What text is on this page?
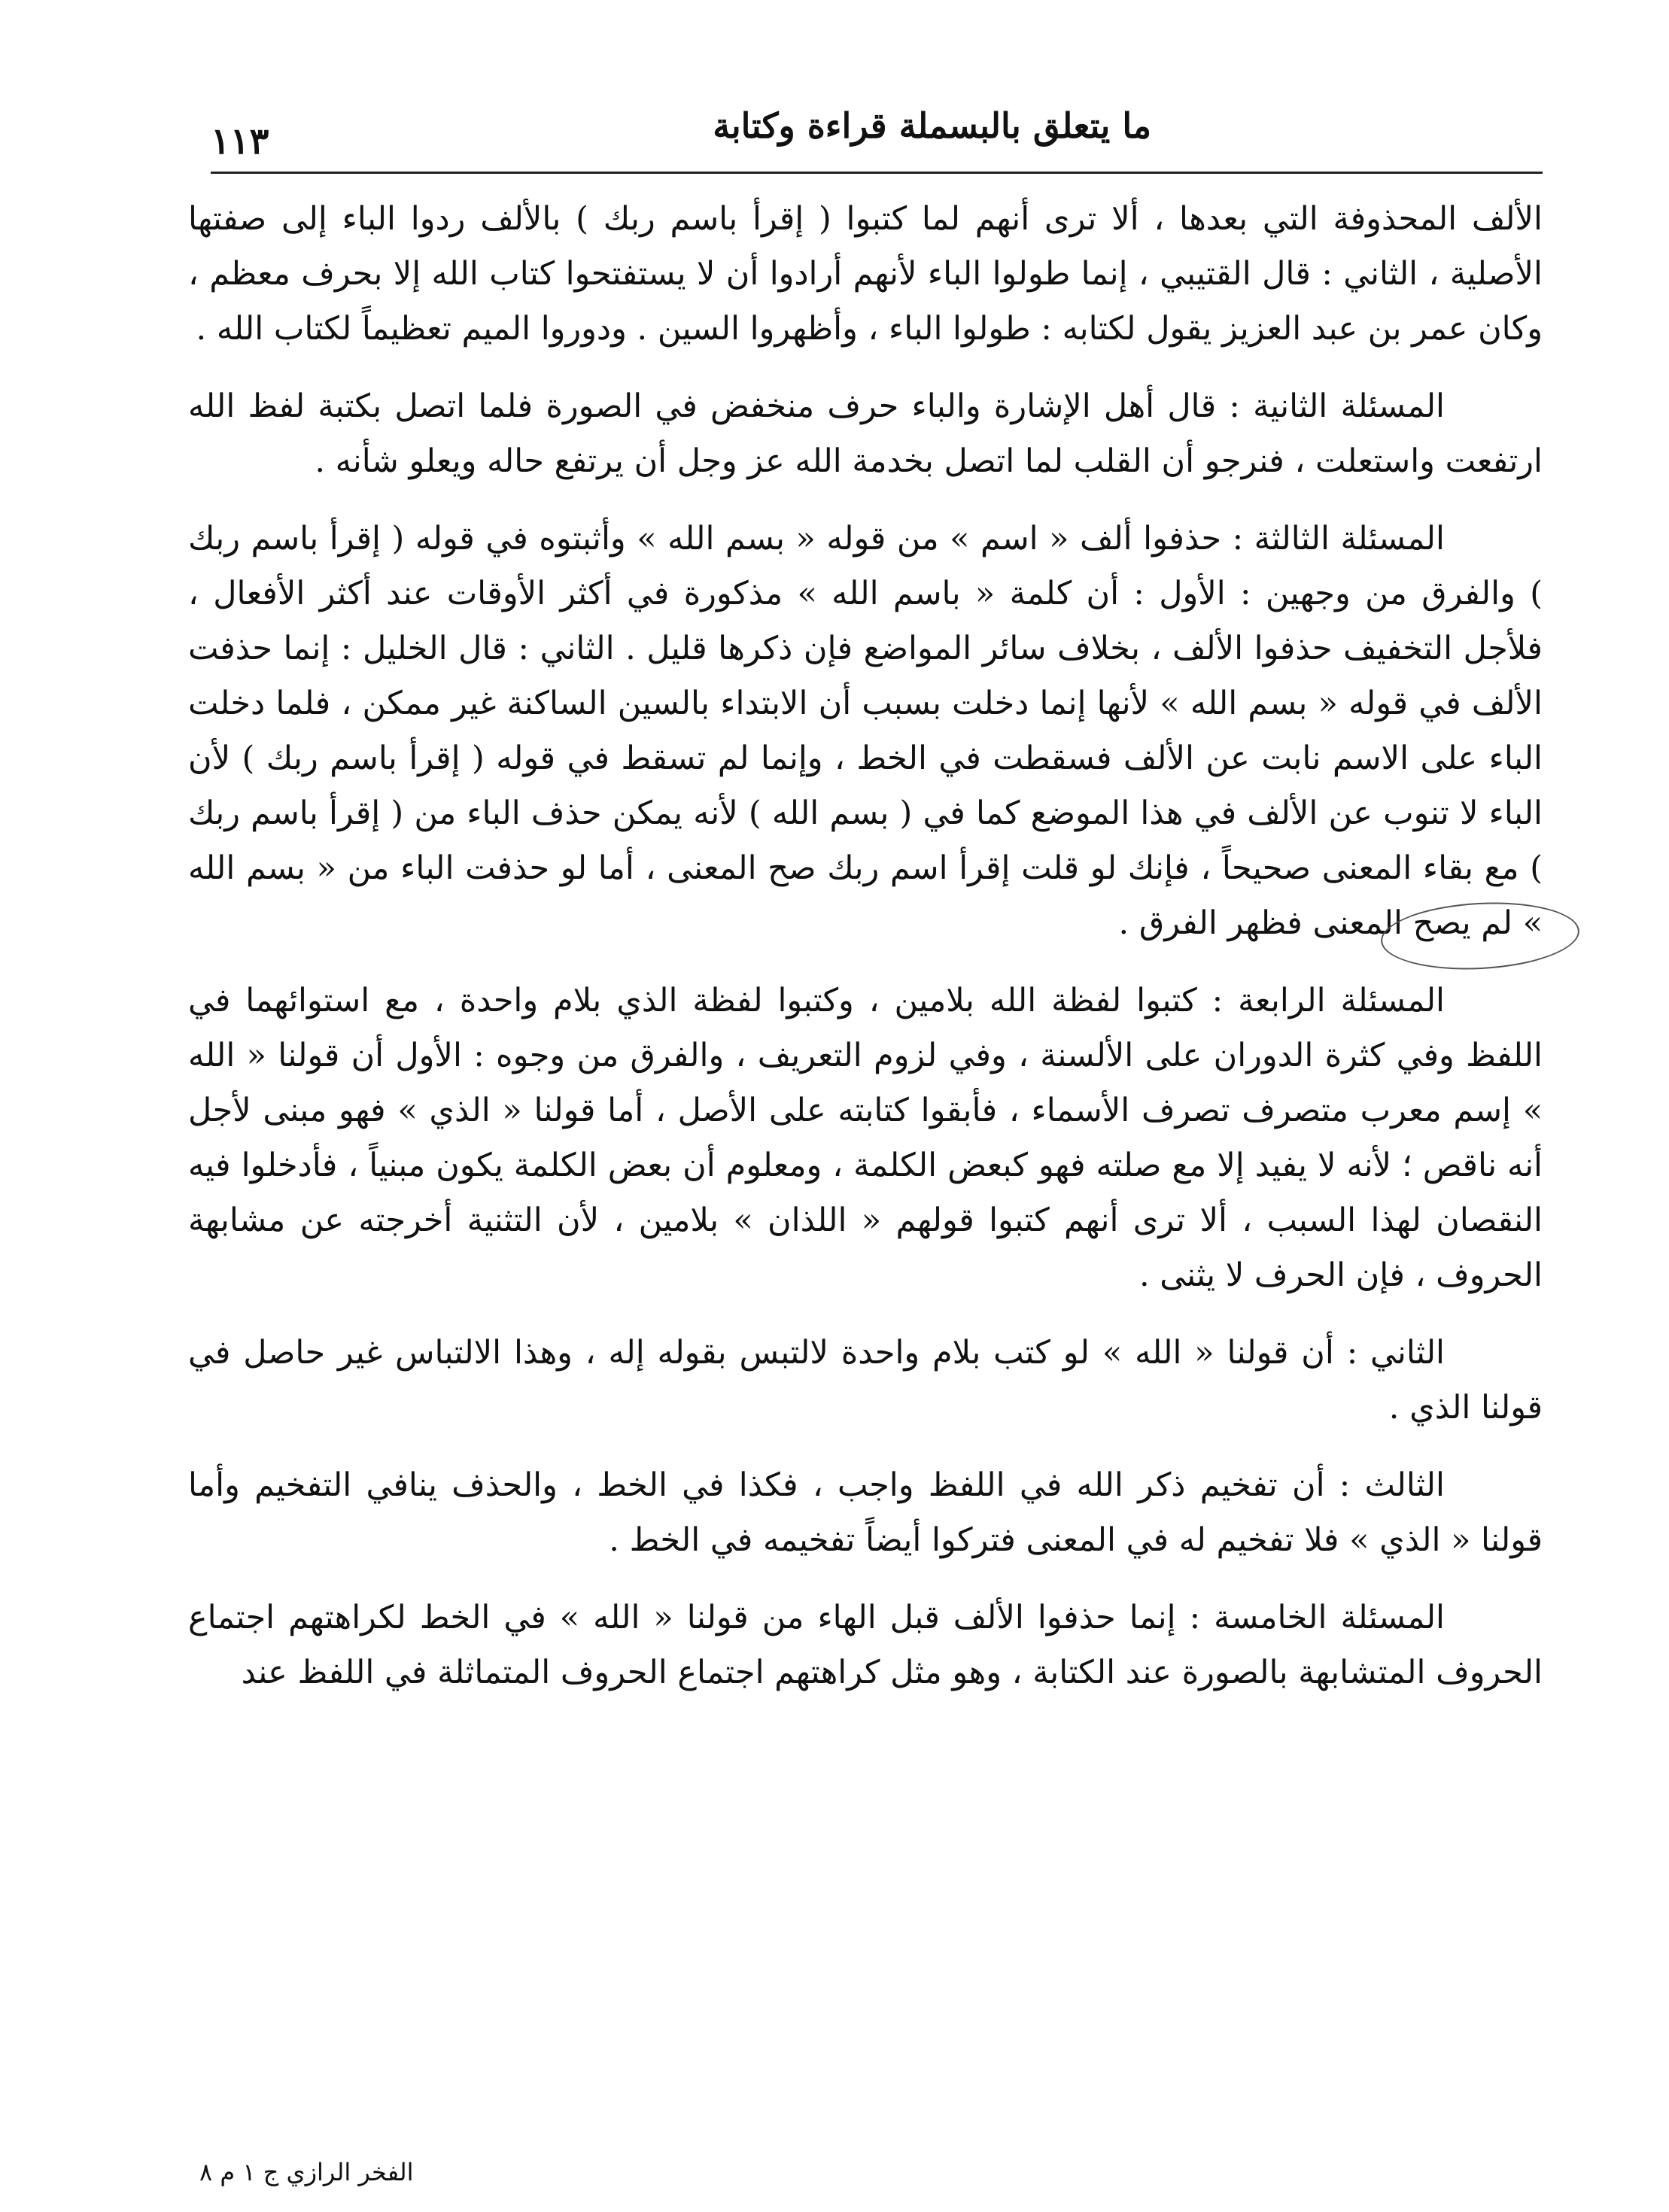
ما يتعلق بالبسملة قراءة وكتابة
١١٣

الألف المحذوفة التي بعدها ، ألا ترى أنهم لما كتبوا ( إقرأ باسم ربك ) بالألف ردوا الباء إلى صفتها الأصلية ، الثاني : قال القتيبي ، إنما طولوا الباء لأنهم أرادوا أن لا يستفتحوا كتاب الله إلا بحرف معظم ، وكان عمر بن عبد العزيز يقول لكتابه : طولوا الباء ، وأظهروا السين . ودوروا الميم تعظيماً لكتاب الله .

المسئلة الثانية : قال أهل الإشارة والباء حرف منخفض في الصورة فلما اتصل بكتبة لفظ الله ارتفعت واستعلت ، فنرجو أن القلب لما اتصل بخدمة الله عز وجل أن يرتفع حاله ويعلو شأنه .

المسئلة الثالثة : حذفوا ألف « اسم » من قوله « بسم الله » وأثبتوه في قوله ( إقرأ باسم ربك ) والفرق من وجهين : الأول : أن كلمة « باسم الله » مذكورة في أكثر الأوقات عند أكثر الأفعال ، فلأجل التخفيف حذفوا الألف ، بخلاف سائر المواضع فإن ذكرها قليل . الثاني : قال الخليل : إنما حذفت الألف في قوله « بسم الله » لأنها إنما دخلت بسبب أن الابتداء بالسين الساكنة غير ممكن ، فلما دخلت الباء على الاسم نابت عن الألف فسقطت في الخط ، وإنما لم تسقط في قوله ( إقرأ باسم ربك ) لأن الباء لا تنوب عن الألف في هذا الموضع كما في ( بسم الله ) لأنه يمكن حذف الباء من ( إقرأ باسم ربك ) مع بقاء المعنى صحيحاً ، فإنك لو قلت إقرأ اسم ربك صح المعنى ، أما لو حذفت الباء من « بسم الله » لم يصح المعنى فظهر الفرق .

المسئلة الرابعة : كتبوا لفظة الله بلامين ، وكتبوا لفظة الذي بلام واحدة ، مع استوائهما في اللفظ وفي كثرة الدوران على الألسنة ، وفي لزوم التعريف ، والفرق من وجوه : الأول أن قولنا « الله » إسم معرب متصرف تصرف الأسماء ، فأبقوا كتابته على الأصل ، أما قولنا « الذي » فهو مبنى لأجل أنه ناقص ؛ لأنه لا يفيد إلا مع صلته فهو كبعض الكلمة ، ومعلوم أن بعض الكلمة يكون مبنياً ، فأدخلوا فيه النقصان لهذا السبب ، ألا ترى أنهم كتبوا قولهم « اللذان » بلامين ، لأن التثنية أخرجته عن مشابهة الحروف ، فإن الحرف لا يثنى .

الثاني : أن قولنا « الله » لو كتب بلام واحدة لالتبس بقوله إله ، وهذا الالتباس غير حاصل في قولنا الذي .

الثالث : أن تفخيم ذكر الله في اللفظ واجب ، فكذا في الخط ، والحذف ينافي التفخيم وأما قولنا « الذي » فلا تفخيم له في المعنى فتركوا أيضاً تفخيمه في الخط .

المسئلة الخامسة : إنما حذفوا الألف قبل الهاء من قولنا « الله » في الخط لكراهتهم اجتماع الحروف المتشابهة بالصورة عند الكتابة ، وهو مثل كراهتهم اجتماع الحروف المتماثلة في اللفظ عند

الفخر الرازي ج ١ م ٨
